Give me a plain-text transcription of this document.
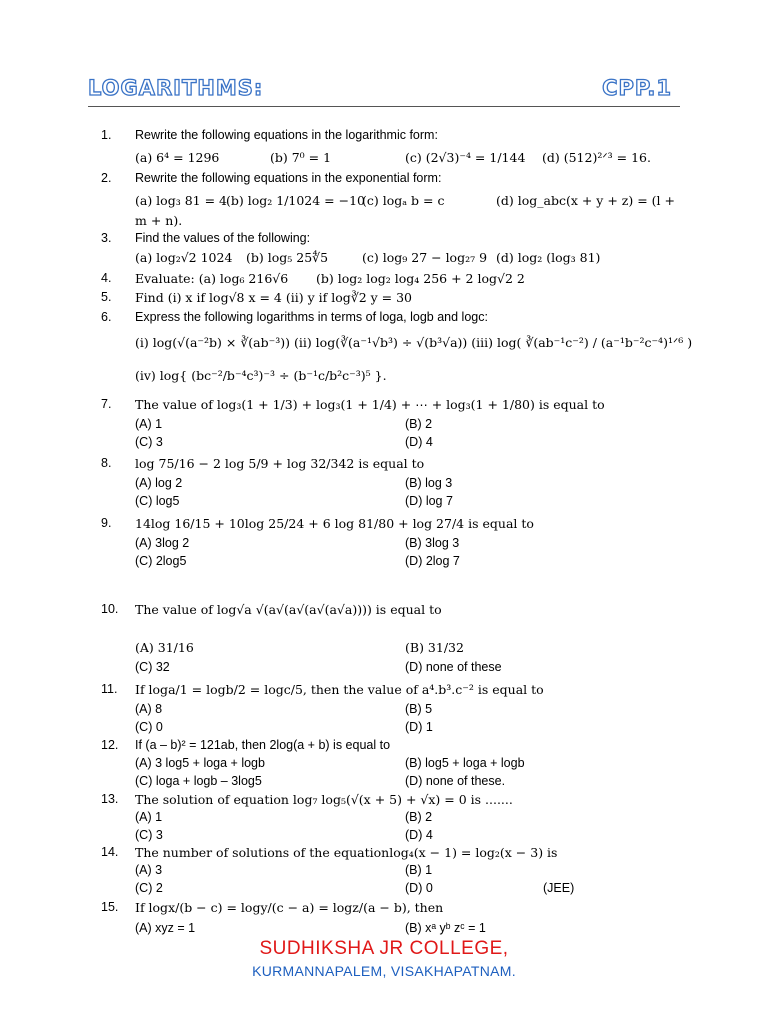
LOGARITHMS:	CPP.1
1.	Rewrite the following equations in the logarithmic form:
(a) 6⁴ = 1296	(b) 7⁰ = 1	(c) (2√3)⁻⁴ = 1/144 (d) (512)²ᐟ³ = 16.
2.	Rewrite the following equations in the exponential form:
(a) log₃ 81 = 4 (b) log₂ 1/1024 = −10
(c) logₐ b = c	(d) log_abc(x + y + z) = (l +
m + n).
3.	Find the values of the following:
(a) log₂√2 1024 (b) log₅ 25∜5	(c) log₉ 27 − log₂₇ 9 (d) log₂ (log₃ 81)
4.	Evaluate: (a) log₆ 216√6 (b) log₂ log₂ log₄ 256 + 2 log√2 2
5.	Find (i) x if log√8 x = 4 (ii) y if log∛2 y = 30
6.	Express the following logarithms in terms of loga, logb and logc:
(i) log(√(a⁻²b) × ∛(ab⁻³)) (ii) log(∛(a⁻¹√b³) ÷ √(b³√a)) (iii) log( ∛(ab⁻¹c⁻²) / (a⁻¹b⁻²c⁻⁴)¹ᐟ⁶ )
(iv) log{ (bc⁻²/b⁻⁴c³)⁻³ ÷ (b⁻¹c/b²c⁻³)⁵ }.
7.	The value of log₃(1 + 1/3) + log₃(1 + 1/4) + ⋯ + log₃(1 + 1/80) is equal to
(A) 1	(B) 2
(C) 3	(D) 4
8.	log 75/16 − 2 log 5/9 + log 32/342 is equal to
(A) log 2	(B) log 3
(C) log5	(D) log 7
9.	14log 16/15 + 10log 25/24 + 6 log 81/80 + log 27/4 is equal to
(A) 3log 2	(B) 3log 3
(C) 2log5	(D) 2log 7
10.	The value of log√a √(a√(a√(a√(a√a)))) is equal to
(A) 31/16	(B) 31/32
(C) 32	(D) none of these
11.	If loga/1 = logb/2 = logc/5, then the value of a⁴.b³.c⁻² is equal to
(A) 8	(B) 5
(C) 0	(D) 1
12.	If (a – b)² = 121ab, then 2log(a + b) is equal to
(A) 3 log5 + loga + logb	(B) log5 + loga + logb
(C) loga + logb – 3log5	(D) none of these.
13.	The solution of equation log₇ log₅(√(x + 5) + √x) = 0 is .......
(A) 1	(B) 2
(C) 3	(D) 4
14.	The number of solutions of the equationlog₄(x − 1) = log₂(x − 3) is
(A) 3	(B) 1
(C) 2	(D) 0	(JEE)
15.	If logx/(b − c) = logy/(c − a) = logz/(a − b), then
(A) xyz = 1	(B) xᵃ yᵇ zᶜ = 1
SUDHIKSHA JR COLLEGE,
KURMANNAPALEM, VISAKHAPATNAM.
